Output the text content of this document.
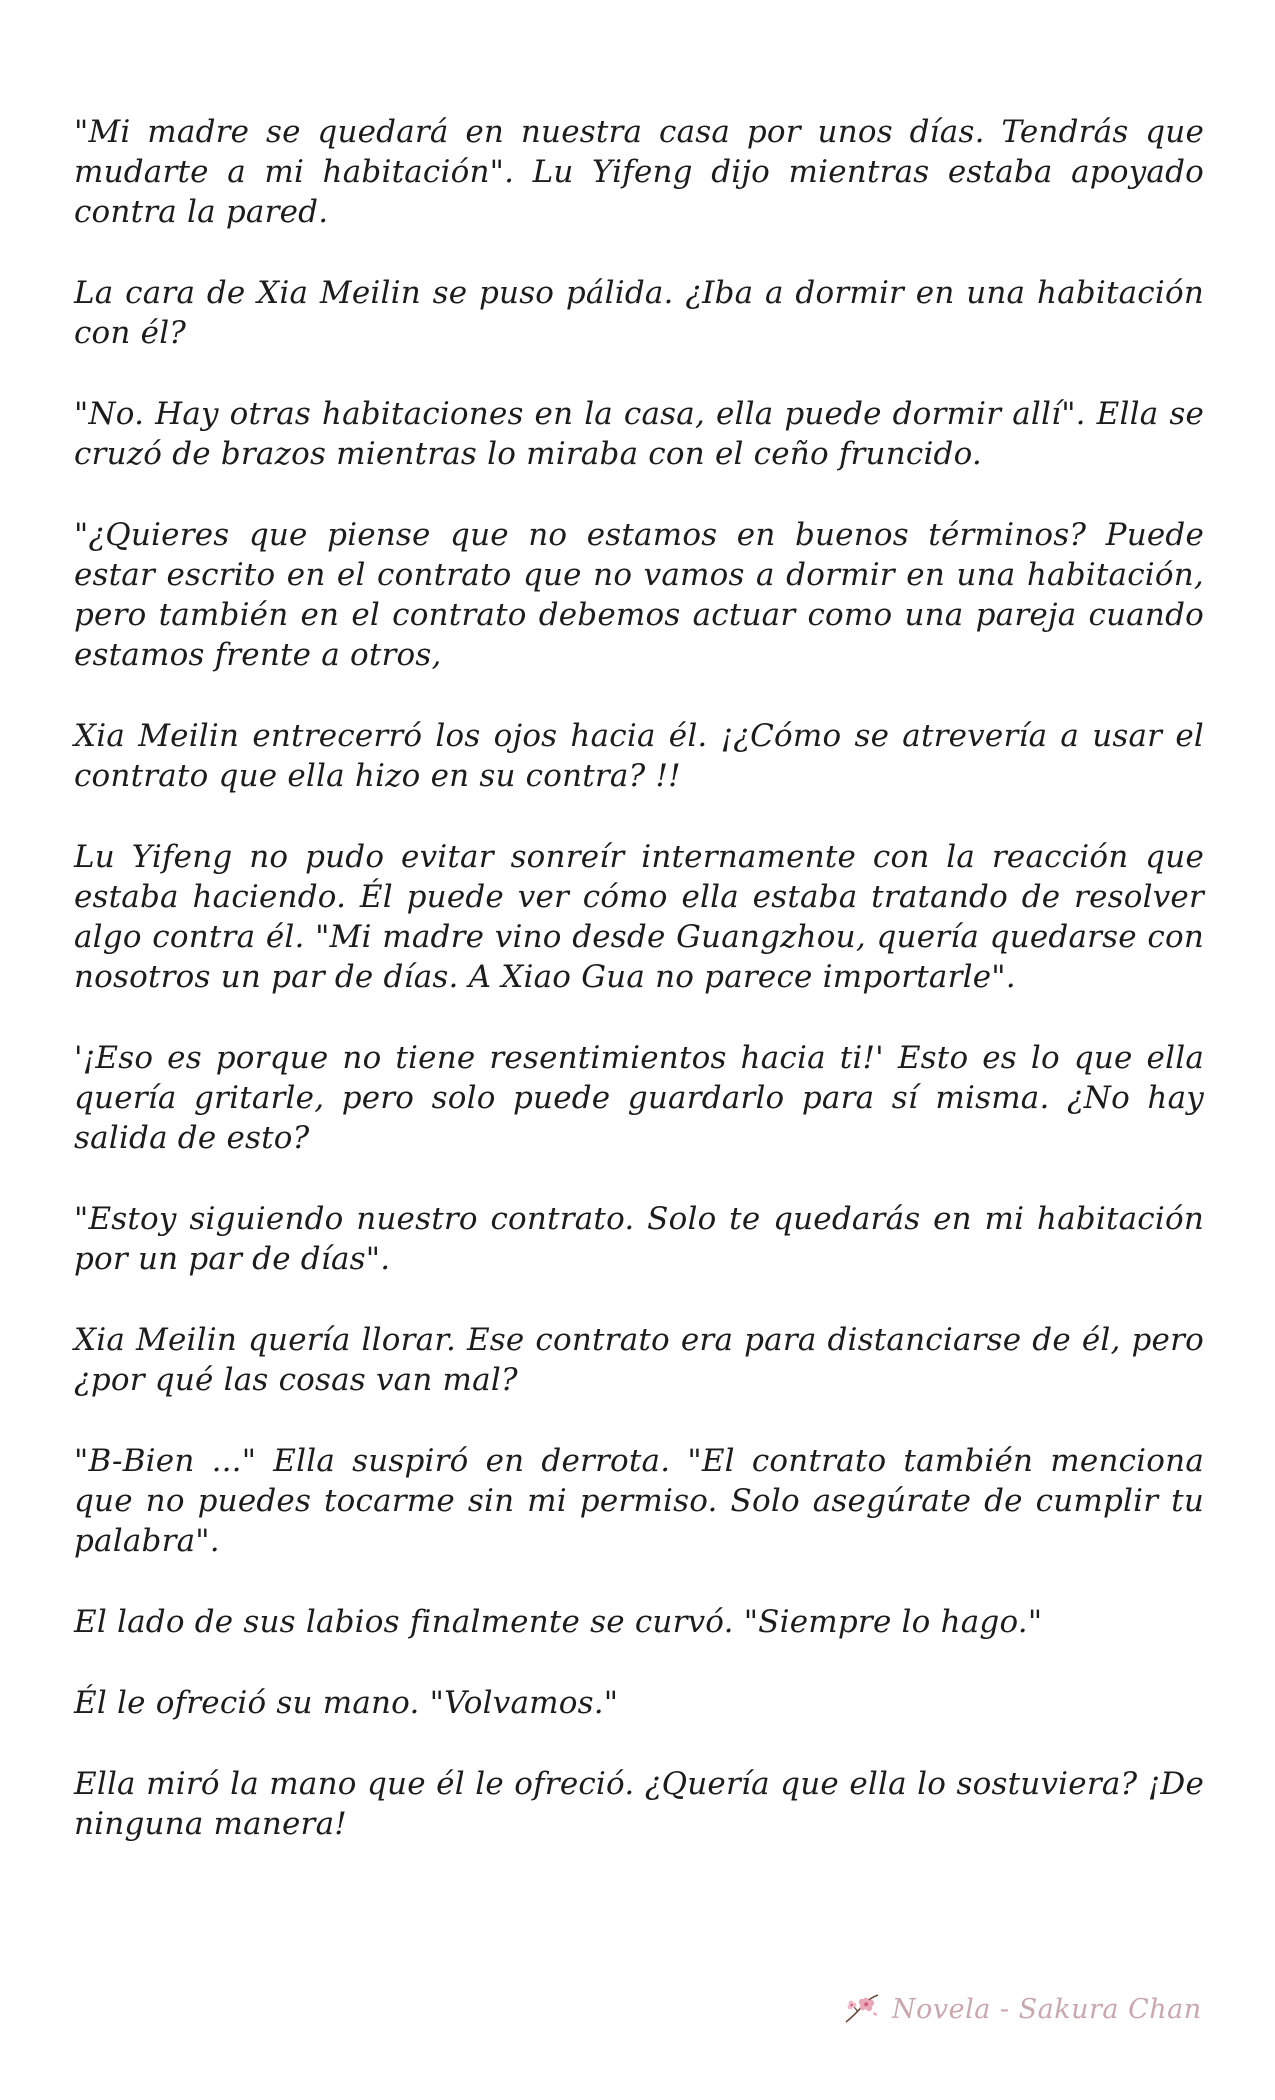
"Mi madre se quedará en nuestra casa por unos días. Tendrás que mudarte a mi habitación". Lu Yifeng dijo mientras estaba apoyado contra la pared.

La cara de Xia Meilin se puso pálida. ¿Iba a dormir en una habitación con él?

"No. Hay otras habitaciones en la casa, ella puede dormir allí". Ella se cruzó de brazos mientras lo miraba con el ceño fruncido.

"¿Quieres que piense que no estamos en buenos términos? Puede estar escrito en el contrato que no vamos a dormir en una habitación, pero también en el contrato debemos actuar como una pareja cuando estamos frente a otros,

Xia Meilin entrecerró los ojos hacia él. ¡¿Cómo se atrevería a usar el contrato que ella hizo en su contra? !!

Lu Yifeng no pudo evitar sonreír internamente con la reacción que estaba haciendo. Él puede ver cómo ella estaba tratando de resolver algo contra él. "Mi madre vino desde Guangzhou, quería quedarse con nosotros un par de días. A Xiao Gua no parece importarle".

'¡Eso es porque no tiene resentimientos hacia ti!' Esto es lo que ella quería gritarle, pero solo puede guardarlo para sí misma. ¿No hay salida de esto?

"Estoy siguiendo nuestro contrato. Solo te quedarás en mi habitación por un par de días".

Xia Meilin quería llorar. Ese contrato era para distanciarse de él, pero ¿por qué las cosas van mal?

"B-Bien ..." Ella suspiró en derrota. "El contrato también menciona que no puedes tocarme sin mi permiso. Solo asegúrate de cumplir tu palabra".

El lado de sus labios finalmente se curvó. "Siempre lo hago."

Él le ofreció su mano. "Volvamos."

Ella miró la mano que él le ofreció. ¿Quería que ella lo sostuviera? ¡De ninguna manera!

Novela - Sakura Chan
